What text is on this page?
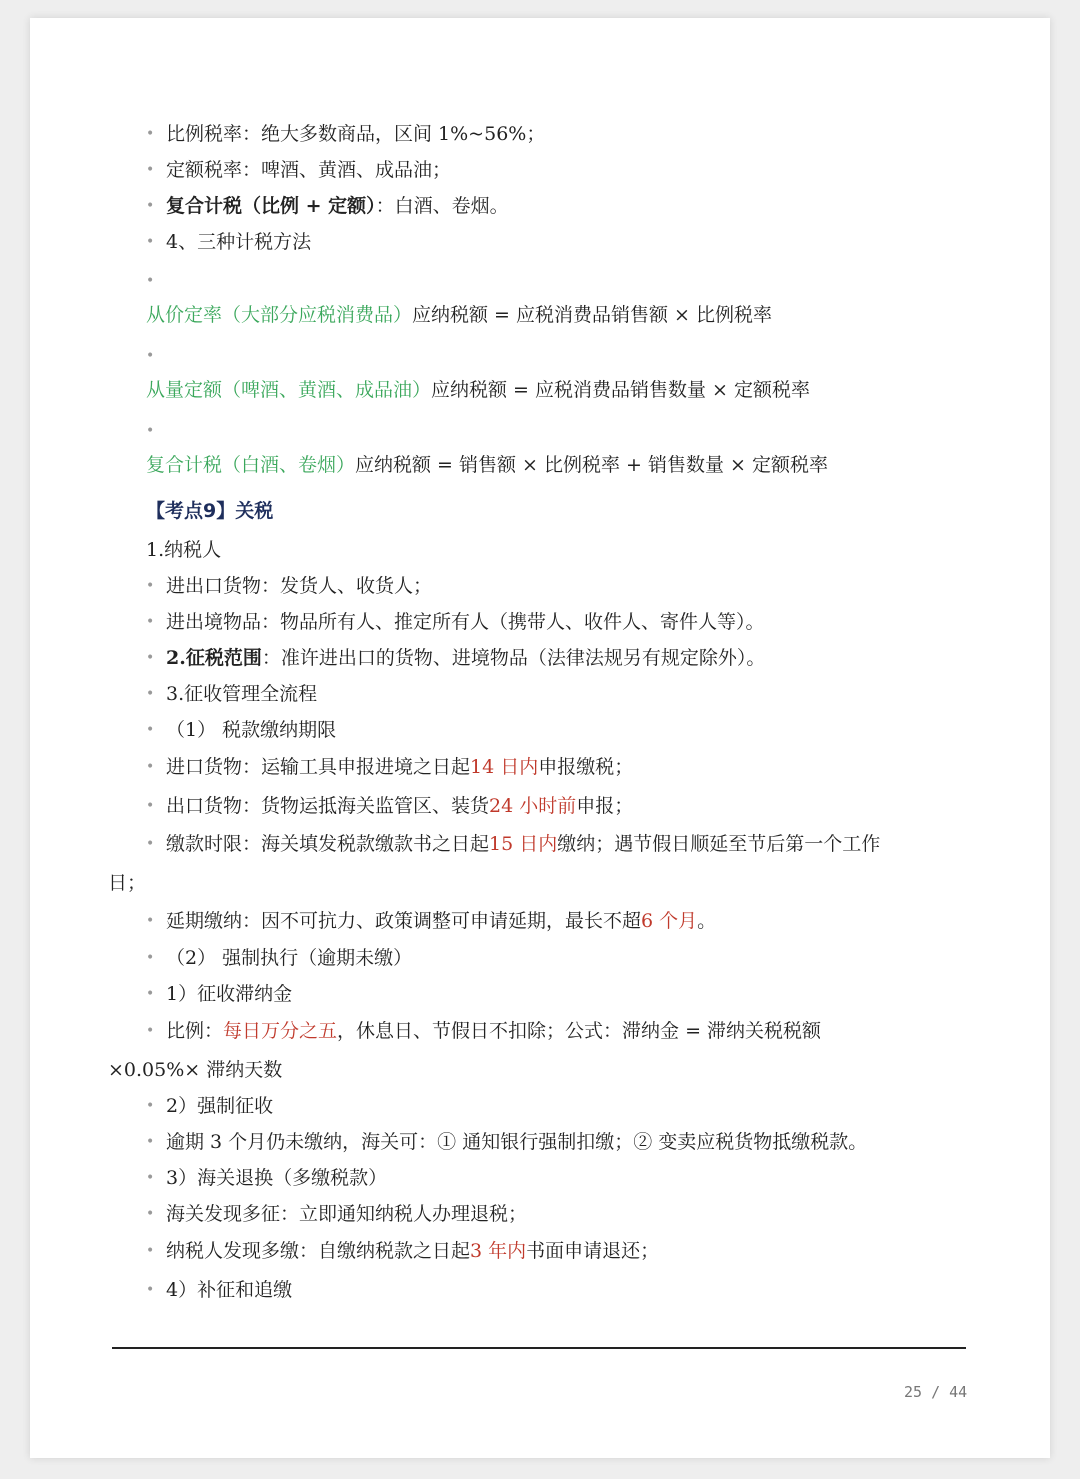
• 比例税率：绝大多数商品，区间 1%~56%；
• 定额税率：啤酒、黄酒、成品油；
• 复合计税（比例 + 定额）：白酒、卷烟。
• 4、三种计税方法
•
从价定率（大部分应税消费品）应纳税额 = 应税消费品销售额 × 比例税率
•
从量定额（啤酒、黄酒、成品油）应纳税额 = 应税消费品销售数量 × 定额税率
•
复合计税（白酒、卷烟）应纳税额 = 销售额 × 比例税率 + 销售数量 × 定额税率
【考点9】关税
1.纳税人
• 进出口货物：发货人、收货人；
• 进出境物品：物品所有人、推定所有人（携带人、收件人、寄件人等）。
• 2.征税范围：准许进出口的货物、进境物品（法律法规另有规定除外）。
• 3.征收管理全流程
• （1） 税款缴纳期限
• 进口货物：运输工具申报进境之日起14 日内申报缴税；
• 出口货物：货物运抵海关监管区、装货24 小时前申报；
• 缴款时限：海关填发税款缴款书之日起15 日内缴纳；遇节假日顺延至节后第一个工作
日；
• 延期缴纳：因不可抗力、政策调整可申请延期，最长不超6 个月。
• （2） 强制执行（逾期未缴）
• 1）征收滞纳金
• 比例：每日万分之五，休息日、节假日不扣除；公式：滞纳金 = 滞纳关税税额
×0.05%× 滞纳天数
• 2）强制征收
• 逾期 3 个月仍未缴纳，海关可：① 通知银行强制扣缴；② 变卖应税货物抵缴税款。
• 3）海关退换（多缴税款）
• 海关发现多征：立即通知纳税人办理退税；
• 纳税人发现多缴：自缴纳税款之日起3 年内书面申请退还；
• 4）补征和追缴
25 / 44
